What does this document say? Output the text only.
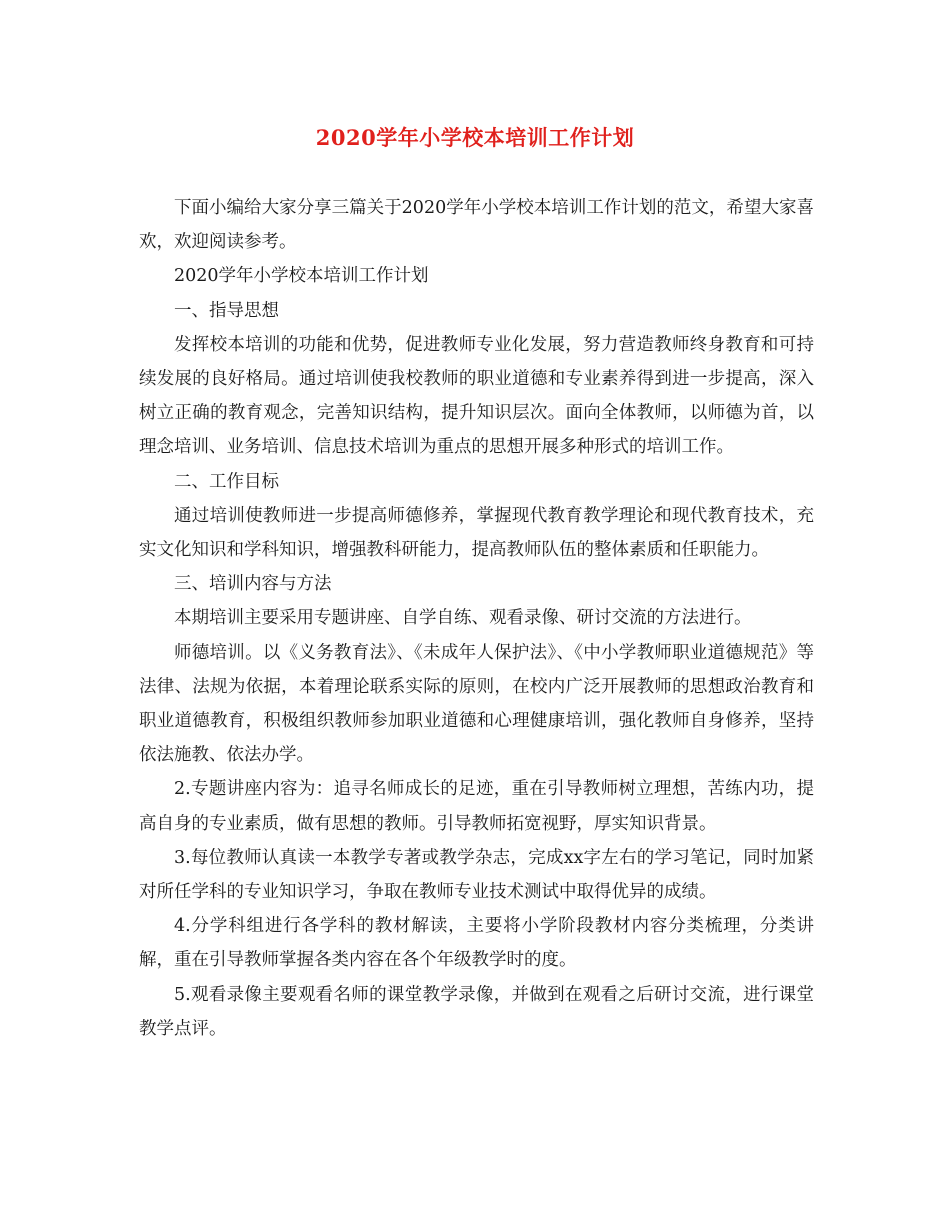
2020学年小学校本培训工作计划

下面小编给大家分享三篇关于2020学年小学校本培训工作计划的范文，希望大家喜欢，欢迎阅读参考。

2020学年小学校本培训工作计划

一、指导思想

发挥校本培训的功能和优势，促进教师专业化发展，努力营造教师终身教育和可持续发展的良好格局。通过培训使我校教师的职业道德和专业素养得到进一步提高，深入树立正确的教育观念，完善知识结构，提升知识层次。面向全体教师，以师德为首，以理念培训、业务培训、信息技术培训为重点的思想开展多种形式的培训工作。

二、工作目标

通过培训使教师进一步提高师德修养，掌握现代教育教学理论和现代教育技术，充实文化知识和学科知识，增强教科研能力，提高教师队伍的整体素质和任职能力。

三、培训内容与方法

本期培训主要采用专题讲座、自学自练、观看录像、研讨交流的方法进行。

师德培训。以《义务教育法》、《未成年人保护法》、《中小学教师职业道德规范》等法律、法规为依据，本着理论联系实际的原则，在校内广泛开展教师的思想政治教育和职业道德教育，积极组织教师参加职业道德和心理健康培训，强化教师自身修养，坚持依法施教、依法办学。

2.专题讲座内容为：追寻名师成长的足迹，重在引导教师树立理想，苦练内功，提高自身的专业素质，做有思想的教师。引导教师拓宽视野，厚实知识背景。

3.每位教师认真读一本教学专著或教学杂志，完成xx字左右的学习笔记，同时加紧对所任学科的专业知识学习，争取在教师专业技术测试中取得优异的成绩。

4.分学科组进行各学科的教材解读，主要将小学阶段教材内容分类梳理，分类讲解，重在引导教师掌握各类内容在各个年级教学时的度。

5.观看录像主要观看名师的课堂教学录像，并做到在观看之后研讨交流，进行课堂教学点评。
